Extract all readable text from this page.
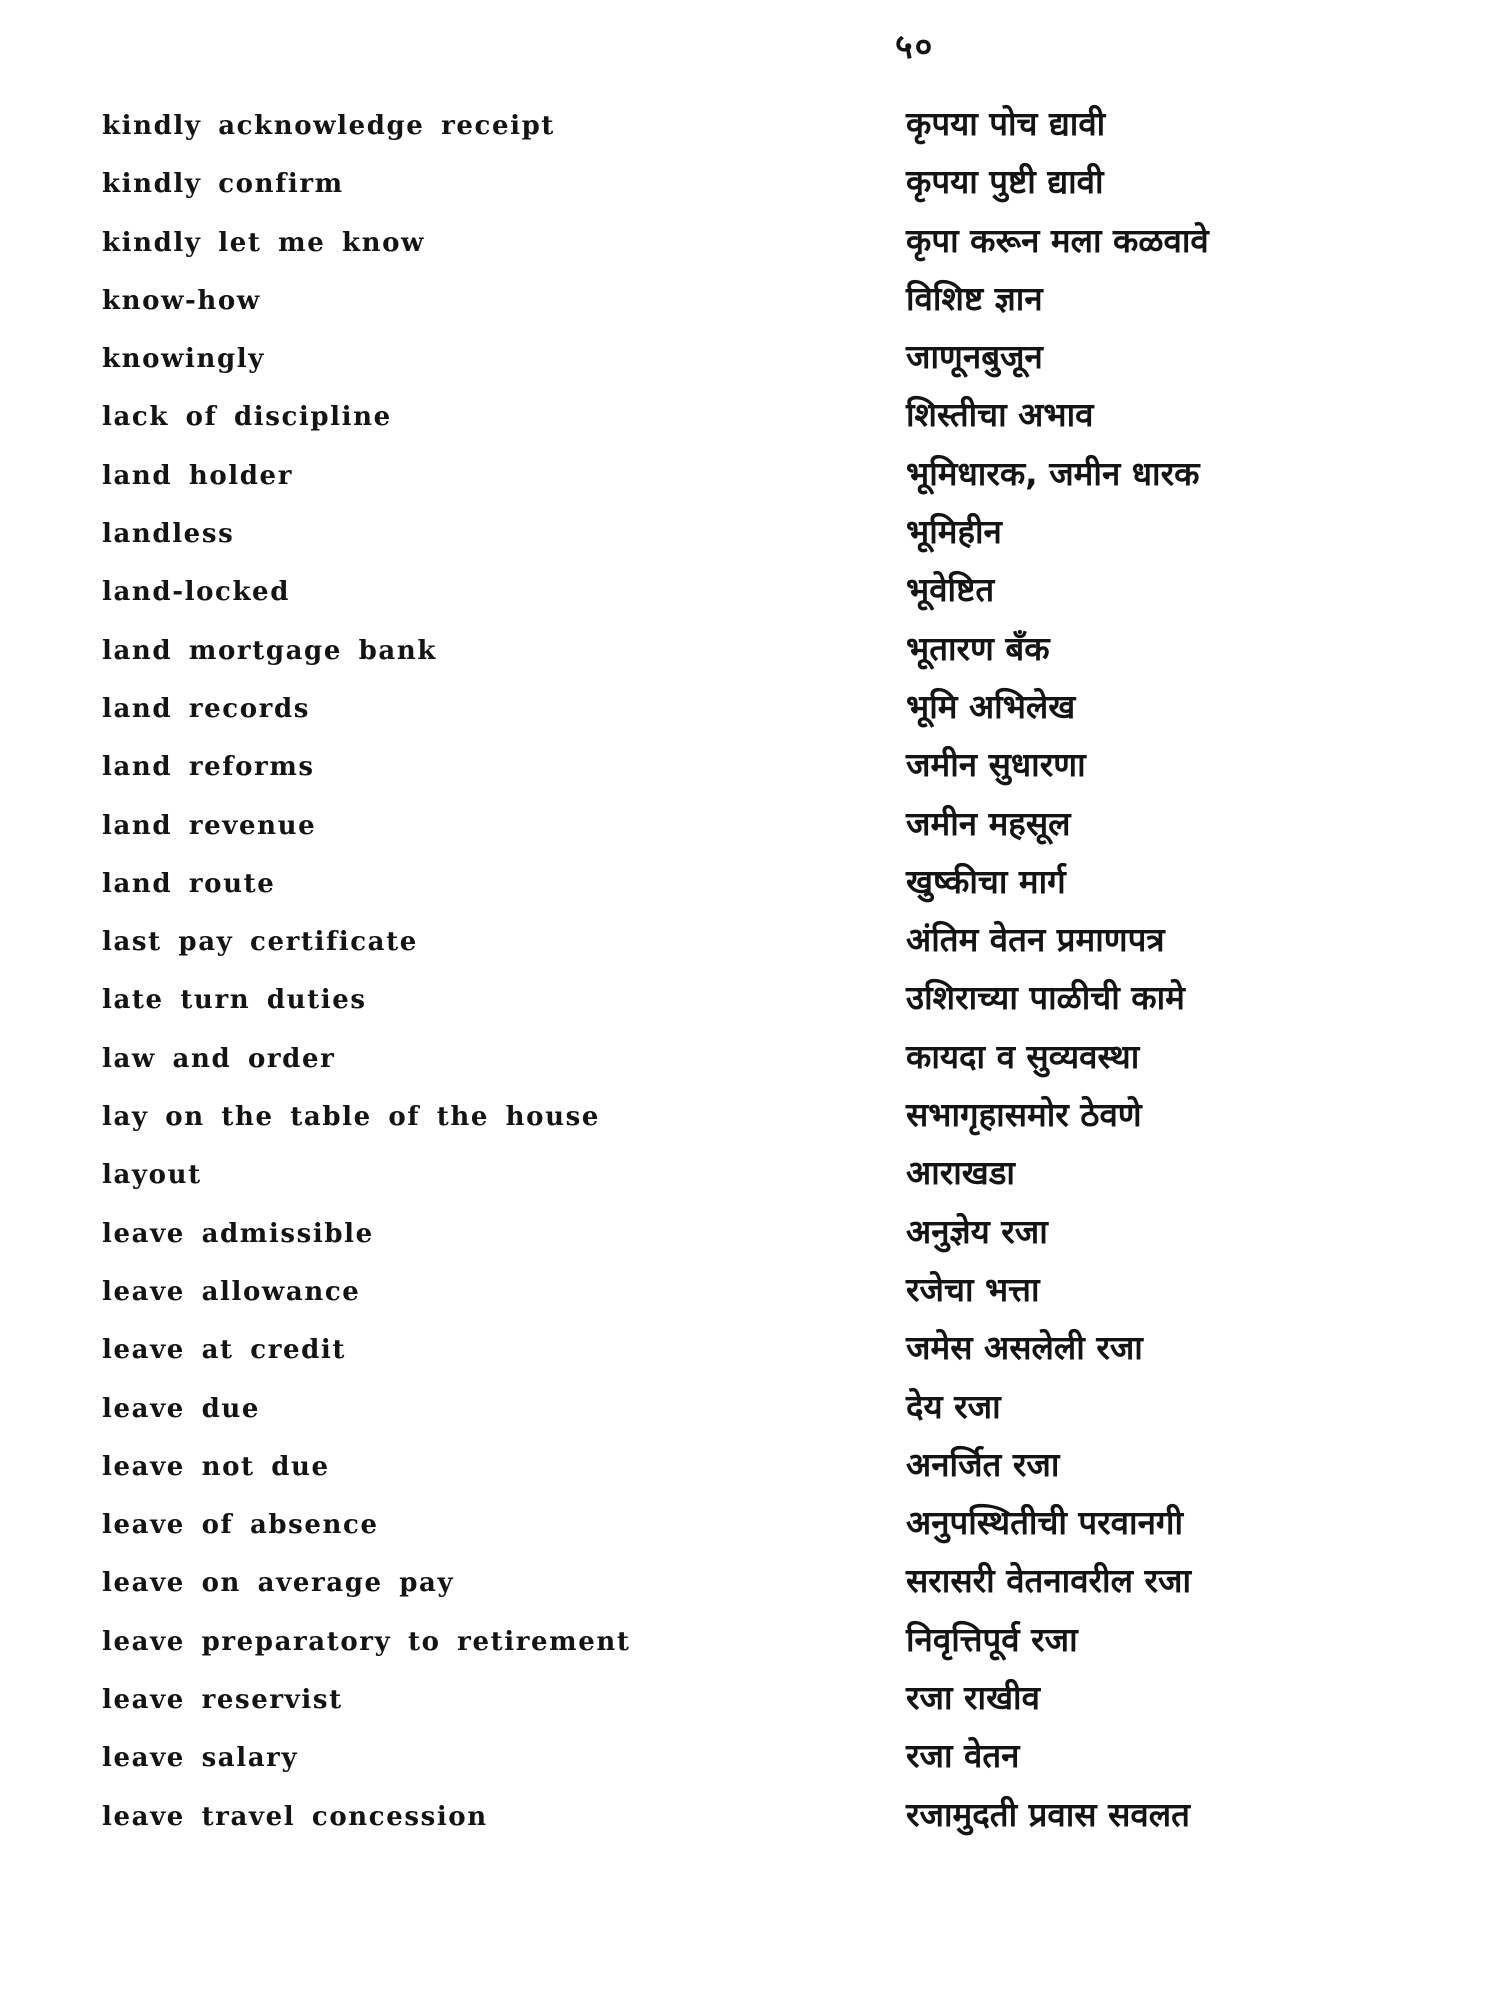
५०
kindly acknowledge receipt	कृपया पोच द्यावी
kindly confirm	कृपया पुष्टी द्यावी
kindly let me know	कृपा करून मला कळवावे
know-how	विशिष्ट ज्ञान
knowingly	जाणूनबुजून
lack of discipline	शिस्तीचा अभाव
land holder	भूमिधारक, जमीन धारक
landless	भूमिहीन
land-locked	भूवेष्टित
land mortgage bank	भूतारण बँक
land records	भूमि अभिलेख
land reforms	जमीन सुधारणा
land revenue	जमीन महसूल
land route	खुष्कीचा मार्ग
last pay certificate	अंतिम वेतन प्रमाणपत्र
late turn duties	उशिराच्या पाळीची कामे
law and order	कायदा व सुव्यवस्था
lay on the table of the house	सभागृहासमोर ठेवणे
layout	आराखडा
leave admissible	अनुज्ञेय रजा
leave allowance	रजेचा भत्ता
leave at credit	जमेस असलेली रजा
leave due	देय रजा
leave not due	अनर्जित रजा
leave of absence	अनुपस्थितीची परवानगी
leave on average pay	सरासरी वेतनावरील रजा
leave preparatory to retirement	निवृत्तिपूर्व रजा
leave reservist	रजा राखीव
leave salary	रजा वेतन
leave travel concession	रजामुदती प्रवास सवलत
